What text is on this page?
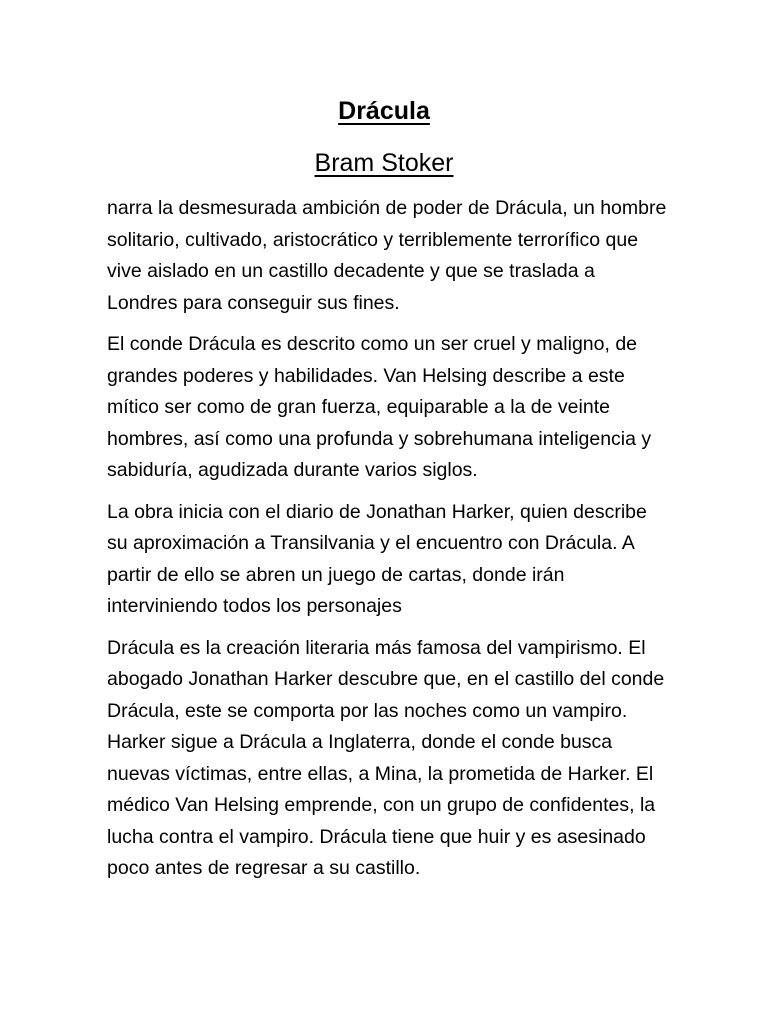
Drácula
Bram Stoker

narra la desmesurada ambición de poder de Drácula, un hombre solitario, cultivado, aristocrático y terriblemente terrorífico que vive aislado en un castillo decadente y que se traslada a Londres para conseguir sus fines.

El conde Drácula es descrito como un ser cruel y maligno, de grandes poderes y habilidades. Van Helsing describe a este mítico ser como de gran fuerza, equiparable a la de veinte hombres, así como una profunda y sobrehumana inteligencia y sabiduría, agudizada durante varios siglos.

La obra inicia con el diario de Jonathan Harker, quien describe su aproximación a Transilvania y el encuentro con Drácula. A partir de ello se abren un juego de cartas, donde irán interviniendo todos los personajes

Drácula es la creación literaria más famosa del vampirismo. El abogado Jonathan Harker descubre que, en el castillo del conde Drácula, este se comporta por las noches como un vampiro. Harker sigue a Drácula a Inglaterra, donde el conde busca nuevas víctimas, entre ellas, a Mina, la prometida de Harker. El médico Van Helsing emprende, con un grupo de confidentes, la lucha contra el vampiro. Drácula tiene que huir y es asesinado poco antes de regresar a su castillo.
